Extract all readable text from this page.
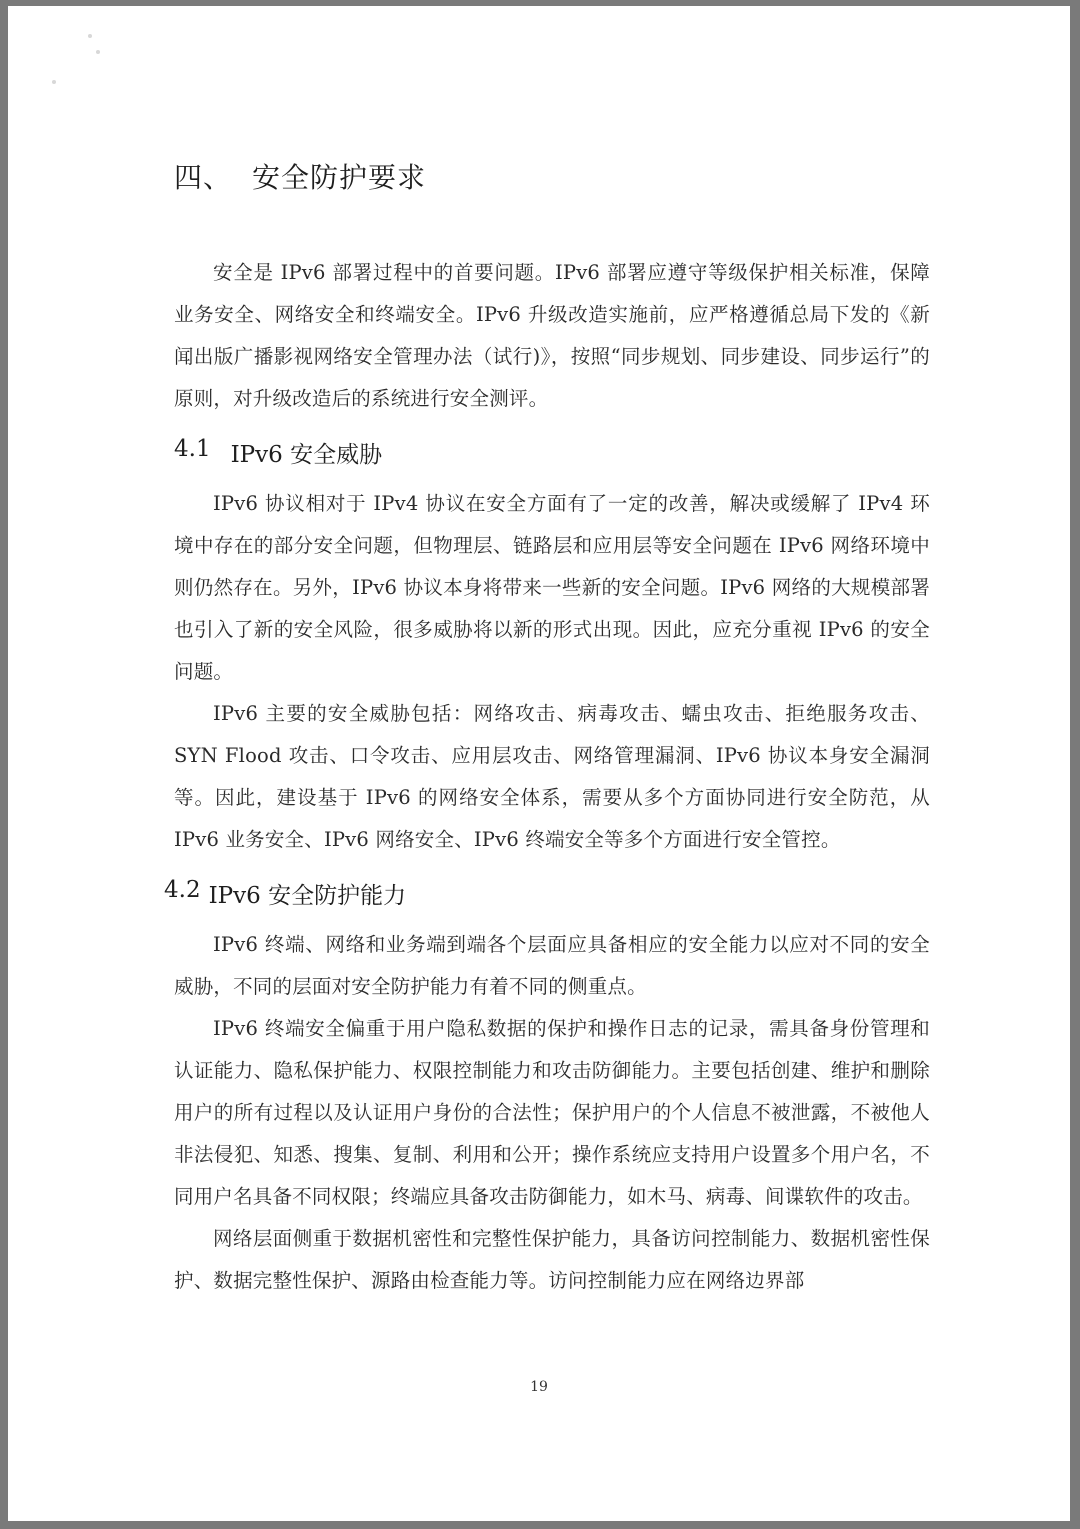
四、 安全防护要求

安全是 IPv6 部署过程中的首要问题。IPv6 部署应遵守等级保护相关标准，保障业务安全、网络安全和终端安全。IPv6 升级改造实施前，应严格遵循总局下发的《新闻出版广播影视网络安全管理办法（试行)》，按照“同步规划、同步建设、同步运行”的原则，对升级改造后的系统进行安全测评。

4.1 IPv6 安全威胁

IPv6 协议相对于 IPv4 协议在安全方面有了一定的改善，解决或缓解了 IPv4 环境中存在的部分安全问题，但物理层、链路层和应用层等安全问题在 IPv6 网络环境中则仍然存在。另外，IPv6 协议本身将带来一些新的安全问题。IPv6 网络的大规模部署也引入了新的安全风险，很多威胁将以新的形式出现。因此，应充分重视 IPv6 的安全问题。

IPv6 主要的安全威胁包括：网络攻击、病毒攻击、蠕虫攻击、拒绝服务攻击、SYN Flood 攻击、口令攻击、应用层攻击、网络管理漏洞、IPv6 协议本身安全漏洞等。因此，建设基于 IPv6 的网络安全体系，需要从多个方面协同进行安全防范，从 IPv6 业务安全、IPv6 网络安全、IPv6 终端安全等多个方面进行安全管控。

4.2 IPv6 安全防护能力

IPv6 终端、网络和业务端到端各个层面应具备相应的安全能力以应对不同的安全威胁，不同的层面对安全防护能力有着不同的侧重点。

IPv6 终端安全偏重于用户隐私数据的保护和操作日志的记录，需具备身份管理和认证能力、隐私保护能力、权限控制能力和攻击防御能力。主要包括创建、维护和删除用户的所有过程以及认证用户身份的合法性；保护用户的个人信息不被泄露，不被他人非法侵犯、知悉、搜集、复制、利用和公开；操作系统应支持用户设置多个用户名，不同用户名具备不同权限；终端应具备攻击防御能力，如木马、病毒、间谍软件的攻击。

网络层面侧重于数据机密性和完整性保护能力，具备访问控制能力、数据机密性保护、数据完整性保护、源路由检查能力等。访问控制能力应在网络边界部

19
